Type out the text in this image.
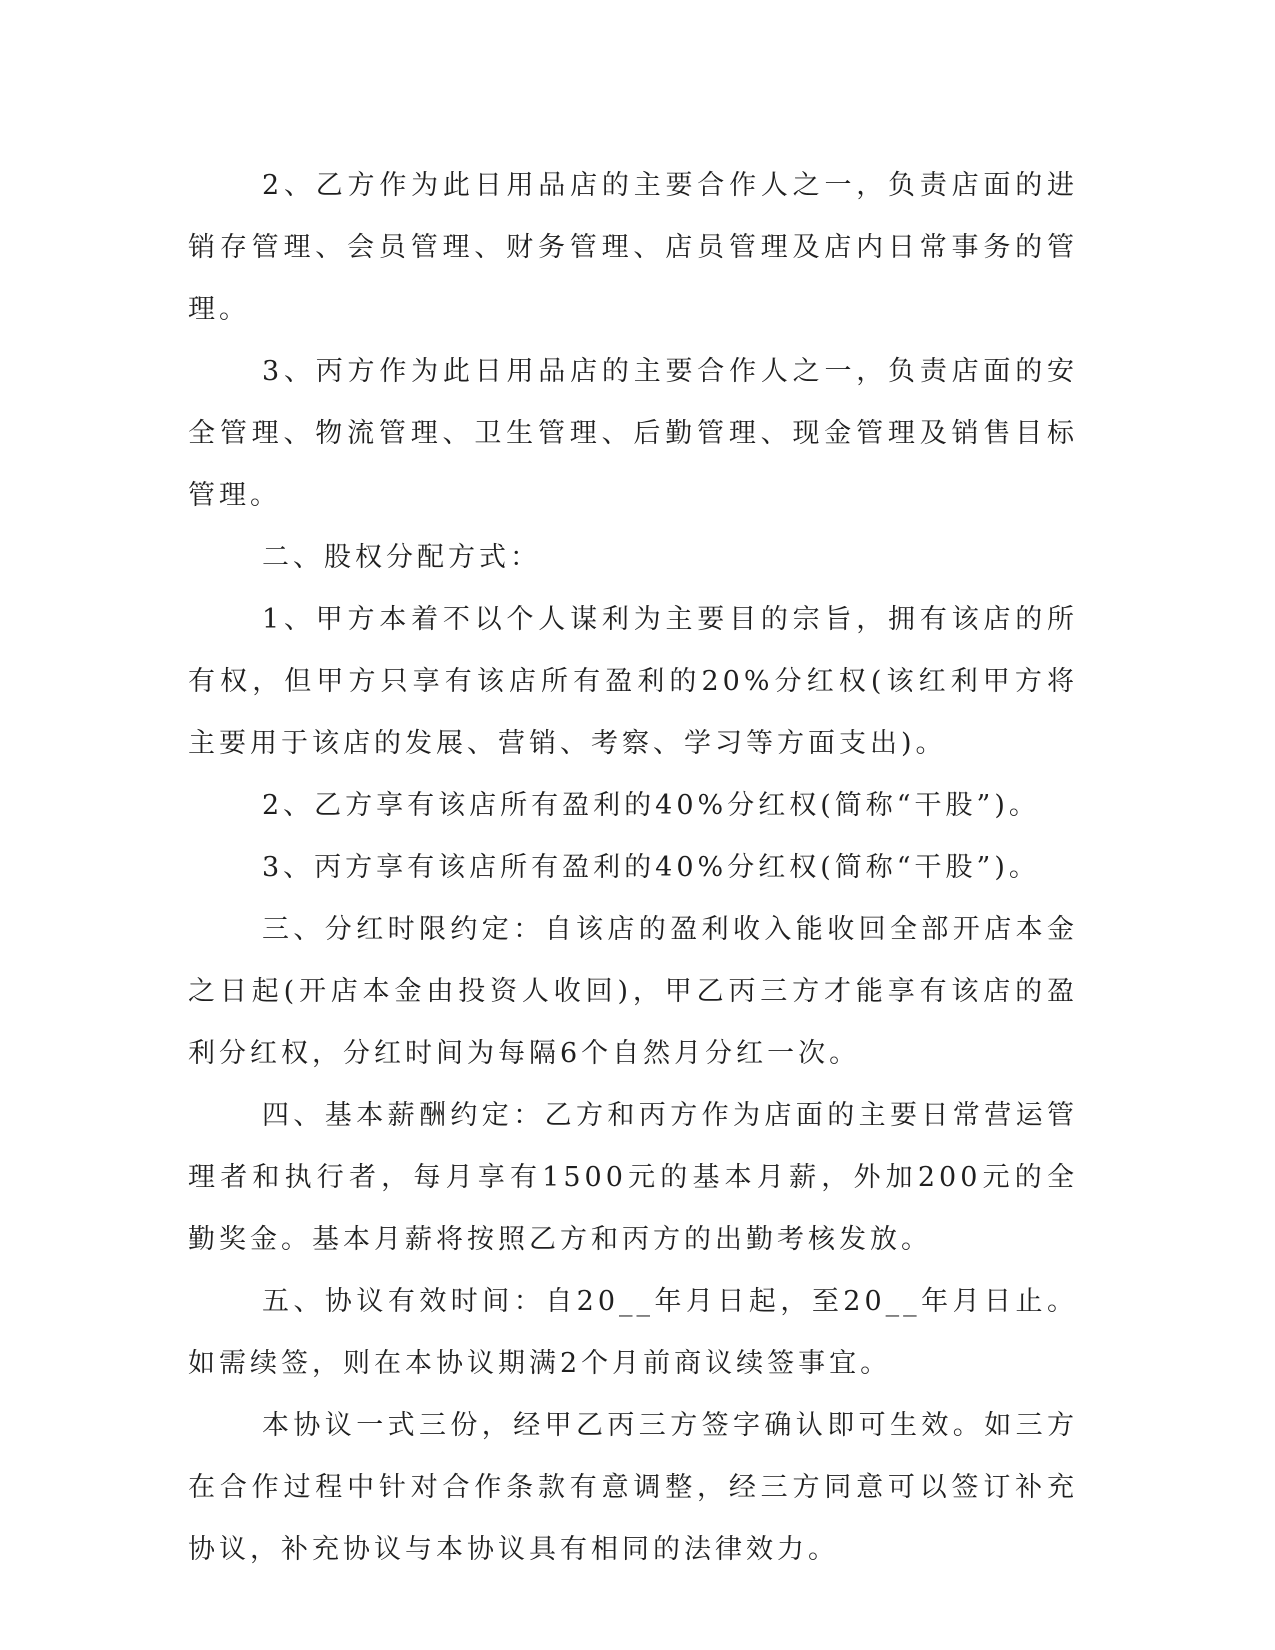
2、乙方作为此日用品店的主要合作人之一，负责店面的进销存管理、会员管理、财务管理、店员管理及店内日常事务的管理。

3、丙方作为此日用品店的主要合作人之一，负责店面的安全管理、物流管理、卫生管理、后勤管理、现金管理及销售目标管理。

二、股权分配方式：

1、甲方本着不以个人谋利为主要目的宗旨，拥有该店的所有权，但甲方只享有该店所有盈利的20%分红权(该红利甲方将主要用于该店的发展、营销、考察、学习等方面支出)。

2、乙方享有该店所有盈利的40%分红权(简称“干股”)。

3、丙方享有该店所有盈利的40%分红权(简称“干股”)。

三、分红时限约定：自该店的盈利收入能收回全部开店本金之日起(开店本金由投资人收回)，甲乙丙三方才能享有该店的盈利分红权，分红时间为每隔6个自然月分红一次。

四、基本薪酬约定：乙方和丙方作为店面的主要日常营运管理者和执行者，每月享有1500元的基本月薪，外加200元的全勤奖金。基本月薪将按照乙方和丙方的出勤考核发放。

五、协议有效时间：自20__年月日起，至20__年月日止。如需续签，则在本协议期满2个月前商议续签事宜。

本协议一式三份，经甲乙丙三方签字确认即可生效。如三方在合作过程中针对合作条款有意调整，经三方同意可以签订补充协议，补充协议与本协议具有相同的法律效力。
